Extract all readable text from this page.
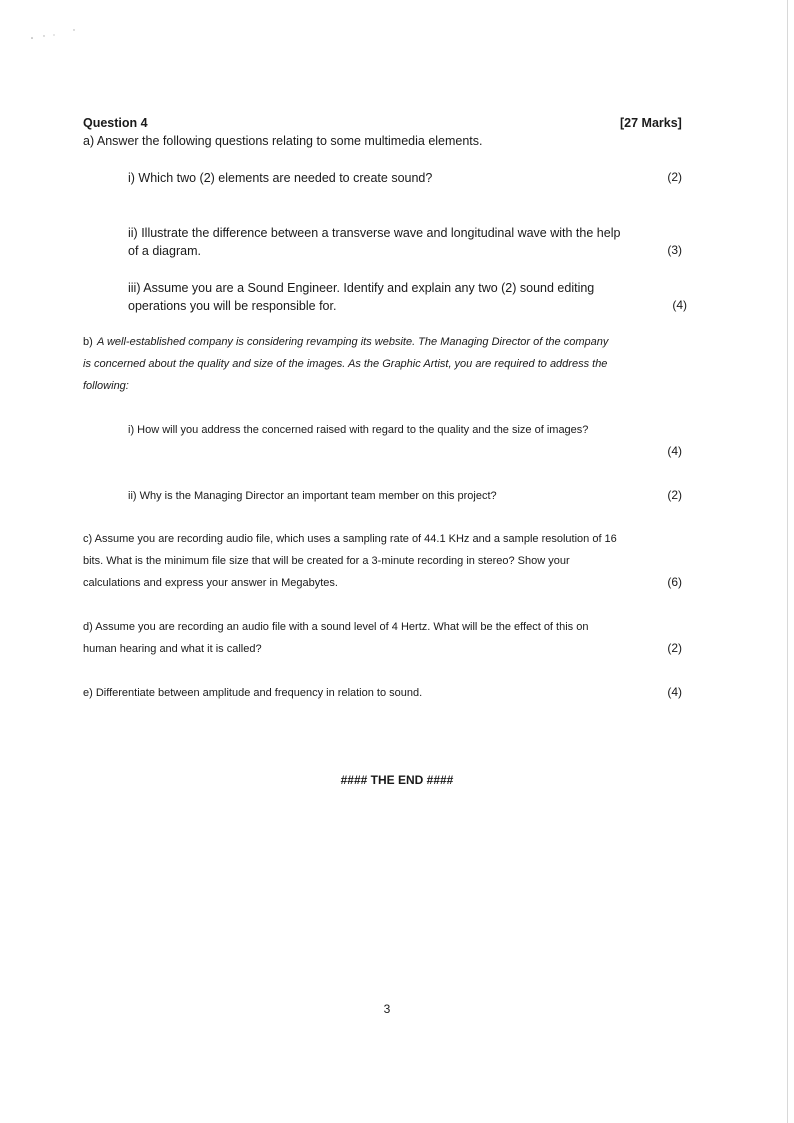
Question 4	[27 Marks]
a) Answer the following questions relating to some multimedia elements.
i) Which two (2) elements are needed to create sound?	(2)
ii) Illustrate the difference between a transverse wave and longitudinal wave with the help
of a diagram.	(3)
iii) Assume you are a Sound Engineer. Identify and explain any two (2) sound editing
operations you will be responsible for.	(4)
b) A well-established company is considering revamping its website. The Managing Director of the company
is concerned about the quality and size of the images. As the Graphic Artist, you are required to address the
following:
i) How will you address the concerned raised with regard to the quality and the size of images?
(4)
ii) Why is the Managing Director an important team member on this project?	(2)
c) Assume you are recording audio file, which uses a sampling rate of 44.1 KHz and a sample resolution of 16
bits. What is the minimum file size that will be created for a 3-minute recording in stereo? Show your
calculations and express your answer in Megabytes.	(6)
d) Assume you are recording an audio file with a sound level of 4 Hertz. What will be the effect of this on
human hearing and what it is called?	(2)
e) Differentiate between amplitude and frequency in relation to sound.	(4)
#### THE END ####
3
